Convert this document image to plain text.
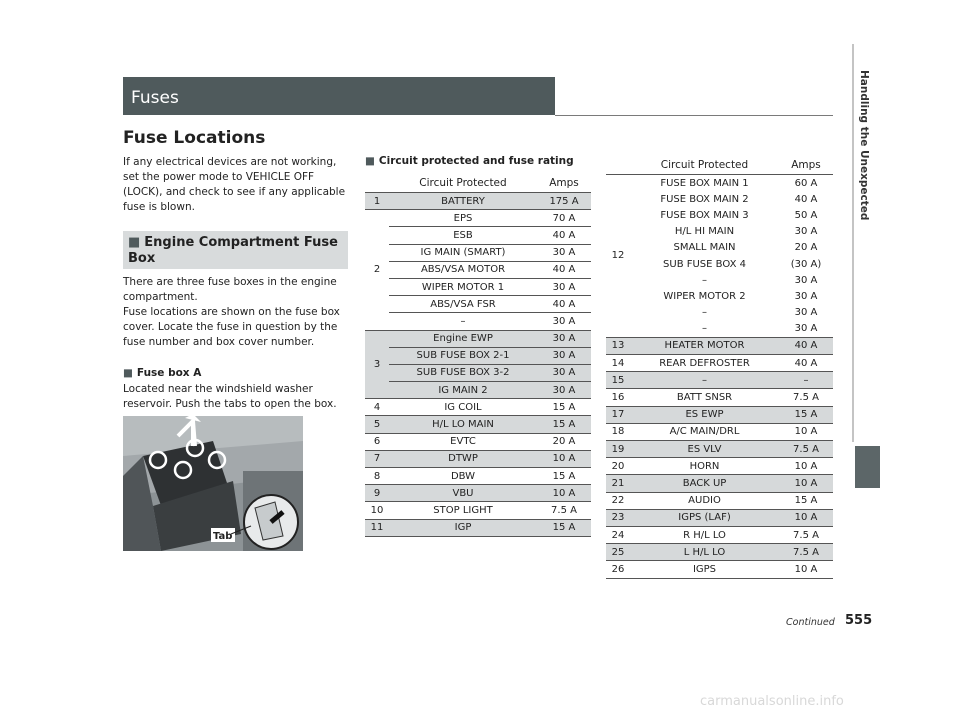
Fuses
Fuse Locations
If any electrical devices are not working, set the power mode to VEHICLE OFF (LOCK), and check to see if any applicable fuse is blown.
■ Engine Compartment Fuse Box
There are three fuse boxes in the engine compartment.
Fuse locations are shown on the fuse box cover. Locate the fuse in question by the fuse number and box cover number.
■ Fuse box A
Located near the windshield washer reservoir. Push the tabs to open the box.
Tab
■ Circuit protected and fuse rating
	Circuit Protected	Amps
1	BATTERY	175 A
2	EPS	70 A
	ESB	40 A
	IG MAIN (SMART)	30 A
	ABS/VSA MOTOR	40 A
	WIPER MOTOR 1	30 A
	ABS/VSA FSR	40 A
	–	30 A
3	Engine EWP	30 A
	SUB FUSE BOX 2-1	30 A
	SUB FUSE BOX 3-2	30 A
	IG MAIN 2	30 A
4	IG COIL	15 A
5	H/L LO MAIN	15 A
6	EVTC	20 A
7	DTWP	10 A
8	DBW	15 A
9	VBU	10 A
10	STOP LIGHT	7.5 A
11	IGP	15 A
	Circuit Protected	Amps
12	FUSE BOX MAIN 1	60 A
	FUSE BOX MAIN 2	40 A
	FUSE BOX MAIN 3	50 A
	H/L HI MAIN	30 A
	SMALL MAIN	20 A
	SUB FUSE BOX 4	(30 A)
	–	30 A
	WIPER MOTOR 2	30 A
	–	30 A
	–	30 A
13	HEATER MOTOR	40 A
14	REAR DEFROSTER	40 A
15	–	–
16	BATT SNSR	7.5 A
17	ES EWP	15 A
18	A/C MAIN/DRL	10 A
19	ES VLV	7.5 A
20	HORN	10 A
21	BACK UP	10 A
22	AUDIO	15 A
23	IGPS (LAF)	10 A
24	R H/L LO	7.5 A
25	L H/L LO	7.5 A
26	IGPS	10 A
Handling the Unexpected
Continued 555
carmanualsonline.info
